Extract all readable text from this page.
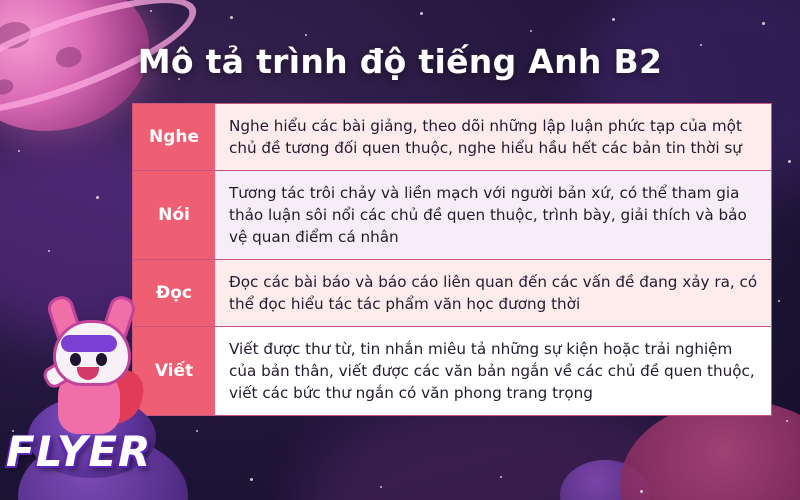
Mô tả trình độ tiếng Anh B2
Nghe
Nghe hiểu các bài giảng, theo dõi những lập luận phức tạp của một chủ đề tương đối quen thuộc, nghe hiểu hầu hết các bản tin thời sự
Nói
Tương tác trôi chảy và liền mạch với người bản xứ, có thể tham gia thảo luận sôi nổi các chủ đề quen thuộc, trình bày, giải thích và bảo vệ quan điểm cá nhân
Đọc
Đọc các bài báo và báo cáo liên quan đến các vấn đề đang xảy ra, có thể đọc hiểu tác tác phẩm văn học đương thời
Viết
Viết được thư từ, tin nhắn miêu tả những sự kiện hoặc trải nghiệm của bản thân, viết được các văn bản ngắn về các chủ đề quen thuộc, viết các bức thư ngắn có văn phong trang trọng
FLYER
